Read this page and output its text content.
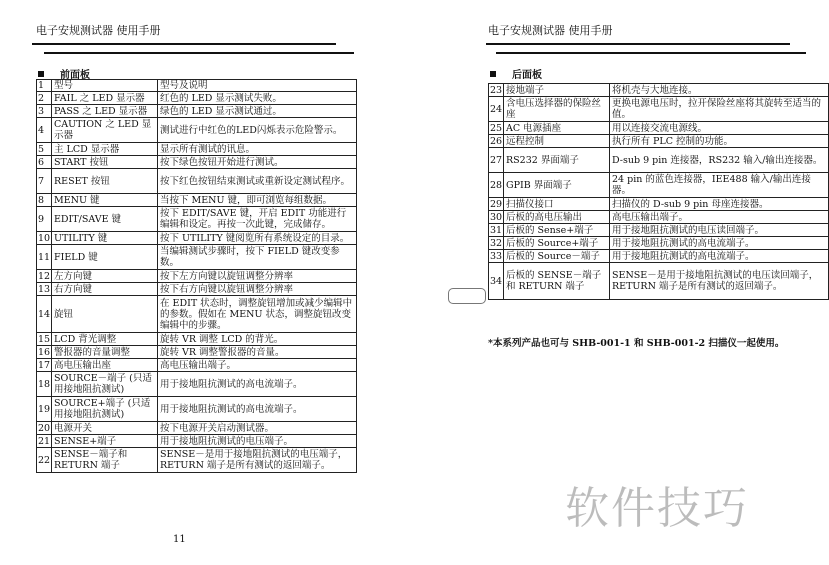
电子安规测试器 使用手册
前面板
1	型号	型号及说明
2	FAIL 之 LED 显示器	红色的 LED 显示测试失败。
3	PASS 之 LED 显示器	绿色的 LED 显示测试通过。
4	CAUTION 之 LED 显示器	测试进行中红色的LED闪烁表示危险警示。
5	主 LCD 显示器	显示所有测试的讯息。
6	START 按钮	按下绿色按钮开始进行测试。
7	RESET 按钮	按下红色按钮结束测试或重新设定测试程序。
8	MENU 键	当按下 MENU 键，即可浏览每组数据。
9	EDIT/SAVE 键	按下 EDIT/SAVE 键，开启 EDIT 功能进行编辑和设定。再按一次此键，完成储存。
10	UTILITY 键	按下 UTILITY 键阅览所有系统设定的目录。
11	FIELD 键	当编辑测试步骤时，按下 FIELD 键改变参数。
12	左方向键	按下左方向键以旋钮调整分辨率
13	右方向键	按下右方向键以旋钮调整分辨率
14	旋钮	在 EDIT 状态时，调整旋钮增加或减少编辑中的参数。假如在 MENU 状态，调整旋钮改变编辑中的步骤。
15	LCD 背光调整	旋转 VR 调整 LCD 的背光。
16	警报器的音量调整	旋转 VR 调整警报器的音量。
17	高电压输出座	高电压输出端子。
18	SOURCE－端子 (只适用接地阻抗测试)	用于接地阻抗测试的高电流端子。
19	SOURCE+端子 (只适用接地阻抗测试)	用于接地阻抗测试的高电流端子。
20	电源开关	按下电源开关启动测试器。
21	SENSE+端子	用于接地阻抗测试的电压端子。
22	SENSE－端子和 RETURN 端子	SENSE－是用于接地阻抗测试的电压端子，RETURN 端子是所有测试的返回端子。
11
电子安规测试器 使用手册
后面板
23	接地端子	将机壳与大地连接。
24	含电压选择器的保险丝座	更换电源电压时，拉开保险丝座将其旋转至适当的值。
25	AC 电源插座	用以连接交流电源线。
26	远程控制	执行所有 PLC 控制的功能。
27	RS232 界面端子	D-sub 9 pin 连接器，RS232 输入/输出连接器。
28	GPIB 界面端子	24 pin 的蓝色连接器，IEE488 输入/输出连接器。
29	扫描仪接口	扫描仪的 D-sub 9 pin 母座连接器。
30	后板的高电压输出	高电压输出端子。
31	后板的 Sense+端子	用于接地阻抗测试的电压读回端子。
32	后板的 Source+端子	用于接地阻抗测试的高电流端子。
33	后板的 Source－端子	用于接地阻抗测试的高电流端子。
34	后板的 SENSE－端子和 RETURN 端子	SENSE－是用于接地阻抗测试的电压读回端子，RETURN 端子是所有测试的返回端子。
*本系列产品也可与 SHB-001-1 和 SHB-001-2 扫描仪一起使用。
软件技巧
